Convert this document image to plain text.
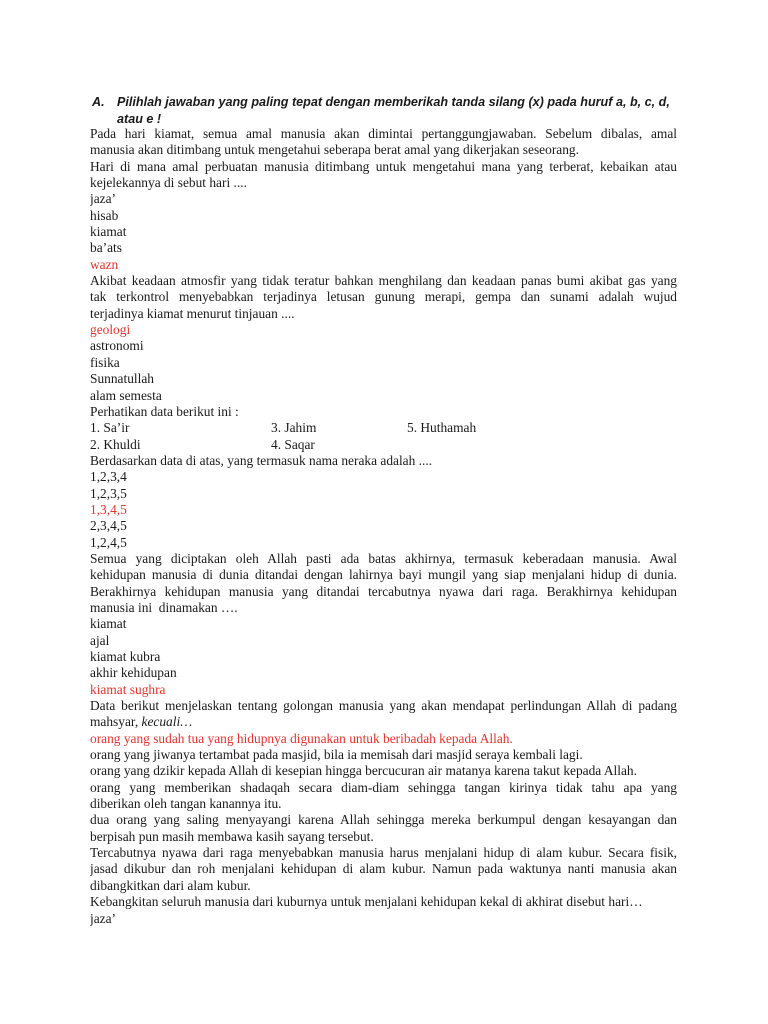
A. Pilihlah jawaban yang paling tepat dengan memberikah tanda silang (x) pada huruf a, b, c, d,
atau e !
Pada hari kiamat, semua amal manusia akan dimintai pertanggungjawaban. Sebelum dibalas, amal
manusia akan ditimbang untuk mengetahui seberapa berat amal yang dikerjakan seseorang.
Hari di mana amal perbuatan manusia ditimbang untuk mengetahui mana yang terberat, kebaikan atau
kejelekannya di sebut hari ....
jaza’
hisab
kiamat
ba’ats
wazn
Akibat keadaan atmosfir yang tidak teratur bahkan menghilang dan keadaan panas bumi akibat gas yang
tak terkontrol menyebabkan terjadinya letusan gunung merapi, gempa dan sunami adalah wujud
terjadinya kiamat menurut tinjauan ....
geologi
astronomi
fisika
Sunnatullah
alam semesta
Perhatikan data berikut ini :
1. Sa’ir	3. Jahim	5. Huthamah
2. Khuldi	4. Saqar
Berdasarkan data di atas, yang termasuk nama neraka adalah ....
1,2,3,4
1,2,3,5
1,3,4,5
2,3,4,5
1,2,4,5
Semua yang diciptakan oleh Allah pasti ada batas akhirnya, termasuk keberadaan manusia. Awal
kehidupan manusia di dunia ditandai dengan lahirnya bayi mungil yang siap menjalani hidup di dunia.
Berakhirnya kehidupan manusia yang ditandai tercabutnya nyawa dari raga. Berakhirnya kehidupan
manusia ini  dinamakan ….
kiamat
ajal
kiamat kubra
akhir kehidupan
kiamat sughra
Data berikut menjelaskan tentang golongan manusia yang akan mendapat perlindungan Allah di padang
mahsyar, kecuali…
orang yang sudah tua yang hidupnya digunakan untuk beribadah kepada Allah.
orang yang jiwanya tertambat pada masjid, bila ia memisah dari masjid seraya kembali lagi.
orang yang dzikir kepada Allah di kesepian hingga bercucuran air matanya karena takut kepada Allah.
orang yang memberikan shadaqah secara diam-diam sehingga tangan kirinya tidak tahu apa yang
diberikan oleh tangan kanannya itu.
dua orang yang saling menyayangi karena Allah sehingga mereka berkumpul dengan kesayangan dan
berpisah pun masih membawa kasih sayang tersebut.
Tercabutnya nyawa dari raga menyebabkan manusia harus menjalani hidup di alam kubur. Secara fisik,
jasad dikubur dan roh menjalani kehidupan di alam kubur. Namun pada waktunya nanti manusia akan
dibangkitkan dari alam kubur.
Kebangkitan seluruh manusia dari kuburnya untuk menjalani kehidupan kekal di akhirat disebut hari…
jaza’
